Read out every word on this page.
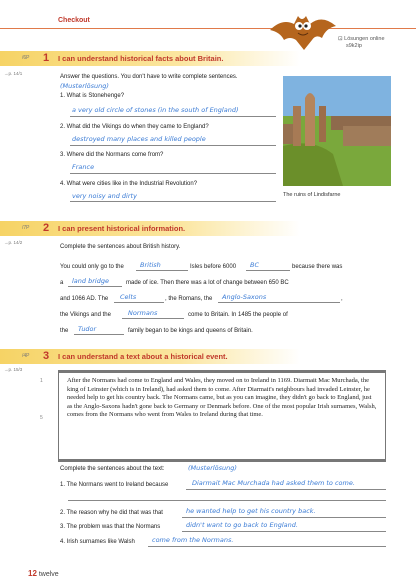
Checkout
⊡ Lösungen online
s9k2ip
/6P 1 I can understand historical facts about Britain.
→p. 14/1
Answer the questions. You don't have to write complete sentences.
(Musterlösung)
1. What is Stonehenge?
a very old circle of stones (in the south of England)
2. What did the Vikings do when they came to England?
destroyed many places and killed people
3. Where did the Normans come from?
France
4. What were cities like in the Industrial Revolution?
very noisy and dirty	The ruins of Lindisfarne
/7P 2 I can present historical information.
→p. 14/2
Complete the sentences about British history.
You could only go to the British	Isles before 6000 BC	because there was
a land bridge	made of ice. Then there was a lot of change between 650 BC
and 1066 AD. The Celts	, the Romans, the Anglo-Saxons	,
the Vikings and the	Normans	come to Britain. In 1485 the people of
the Tudor	family began to be kings and queens of Britain.
/4P 3 I can understand a text about a historical event.
→p. 15/3
1
5

After the Normans had come to England and Wales, they moved on to Ireland in 1169. Diarmait Mac Murchada, the king of Leinster (which is in Ireland), had asked them to come. After Diarmait's neighbours had invaded Leinster, he needed help to get his country back. The Normans came, but as you can imagine, they didn't go back to England, just as the Anglo-Saxons hadn't gone back to Germany or Denmark before. One of the most popular Irish surnames, Walsh, comes from the Normans who went from Wales to Ireland during that time.

Complete the sentences about the text:	(Musterlösung)
1. The Normans went to Ireland because	Diarmait Mac Murchada had asked them to come.
2. The reason why he did that was that	he wanted help to get his country back.
3. The problem was that the Normans	didn't want to go back to England.
4. Irish surnames like Walsh	come from the Normans.
12 twelve
